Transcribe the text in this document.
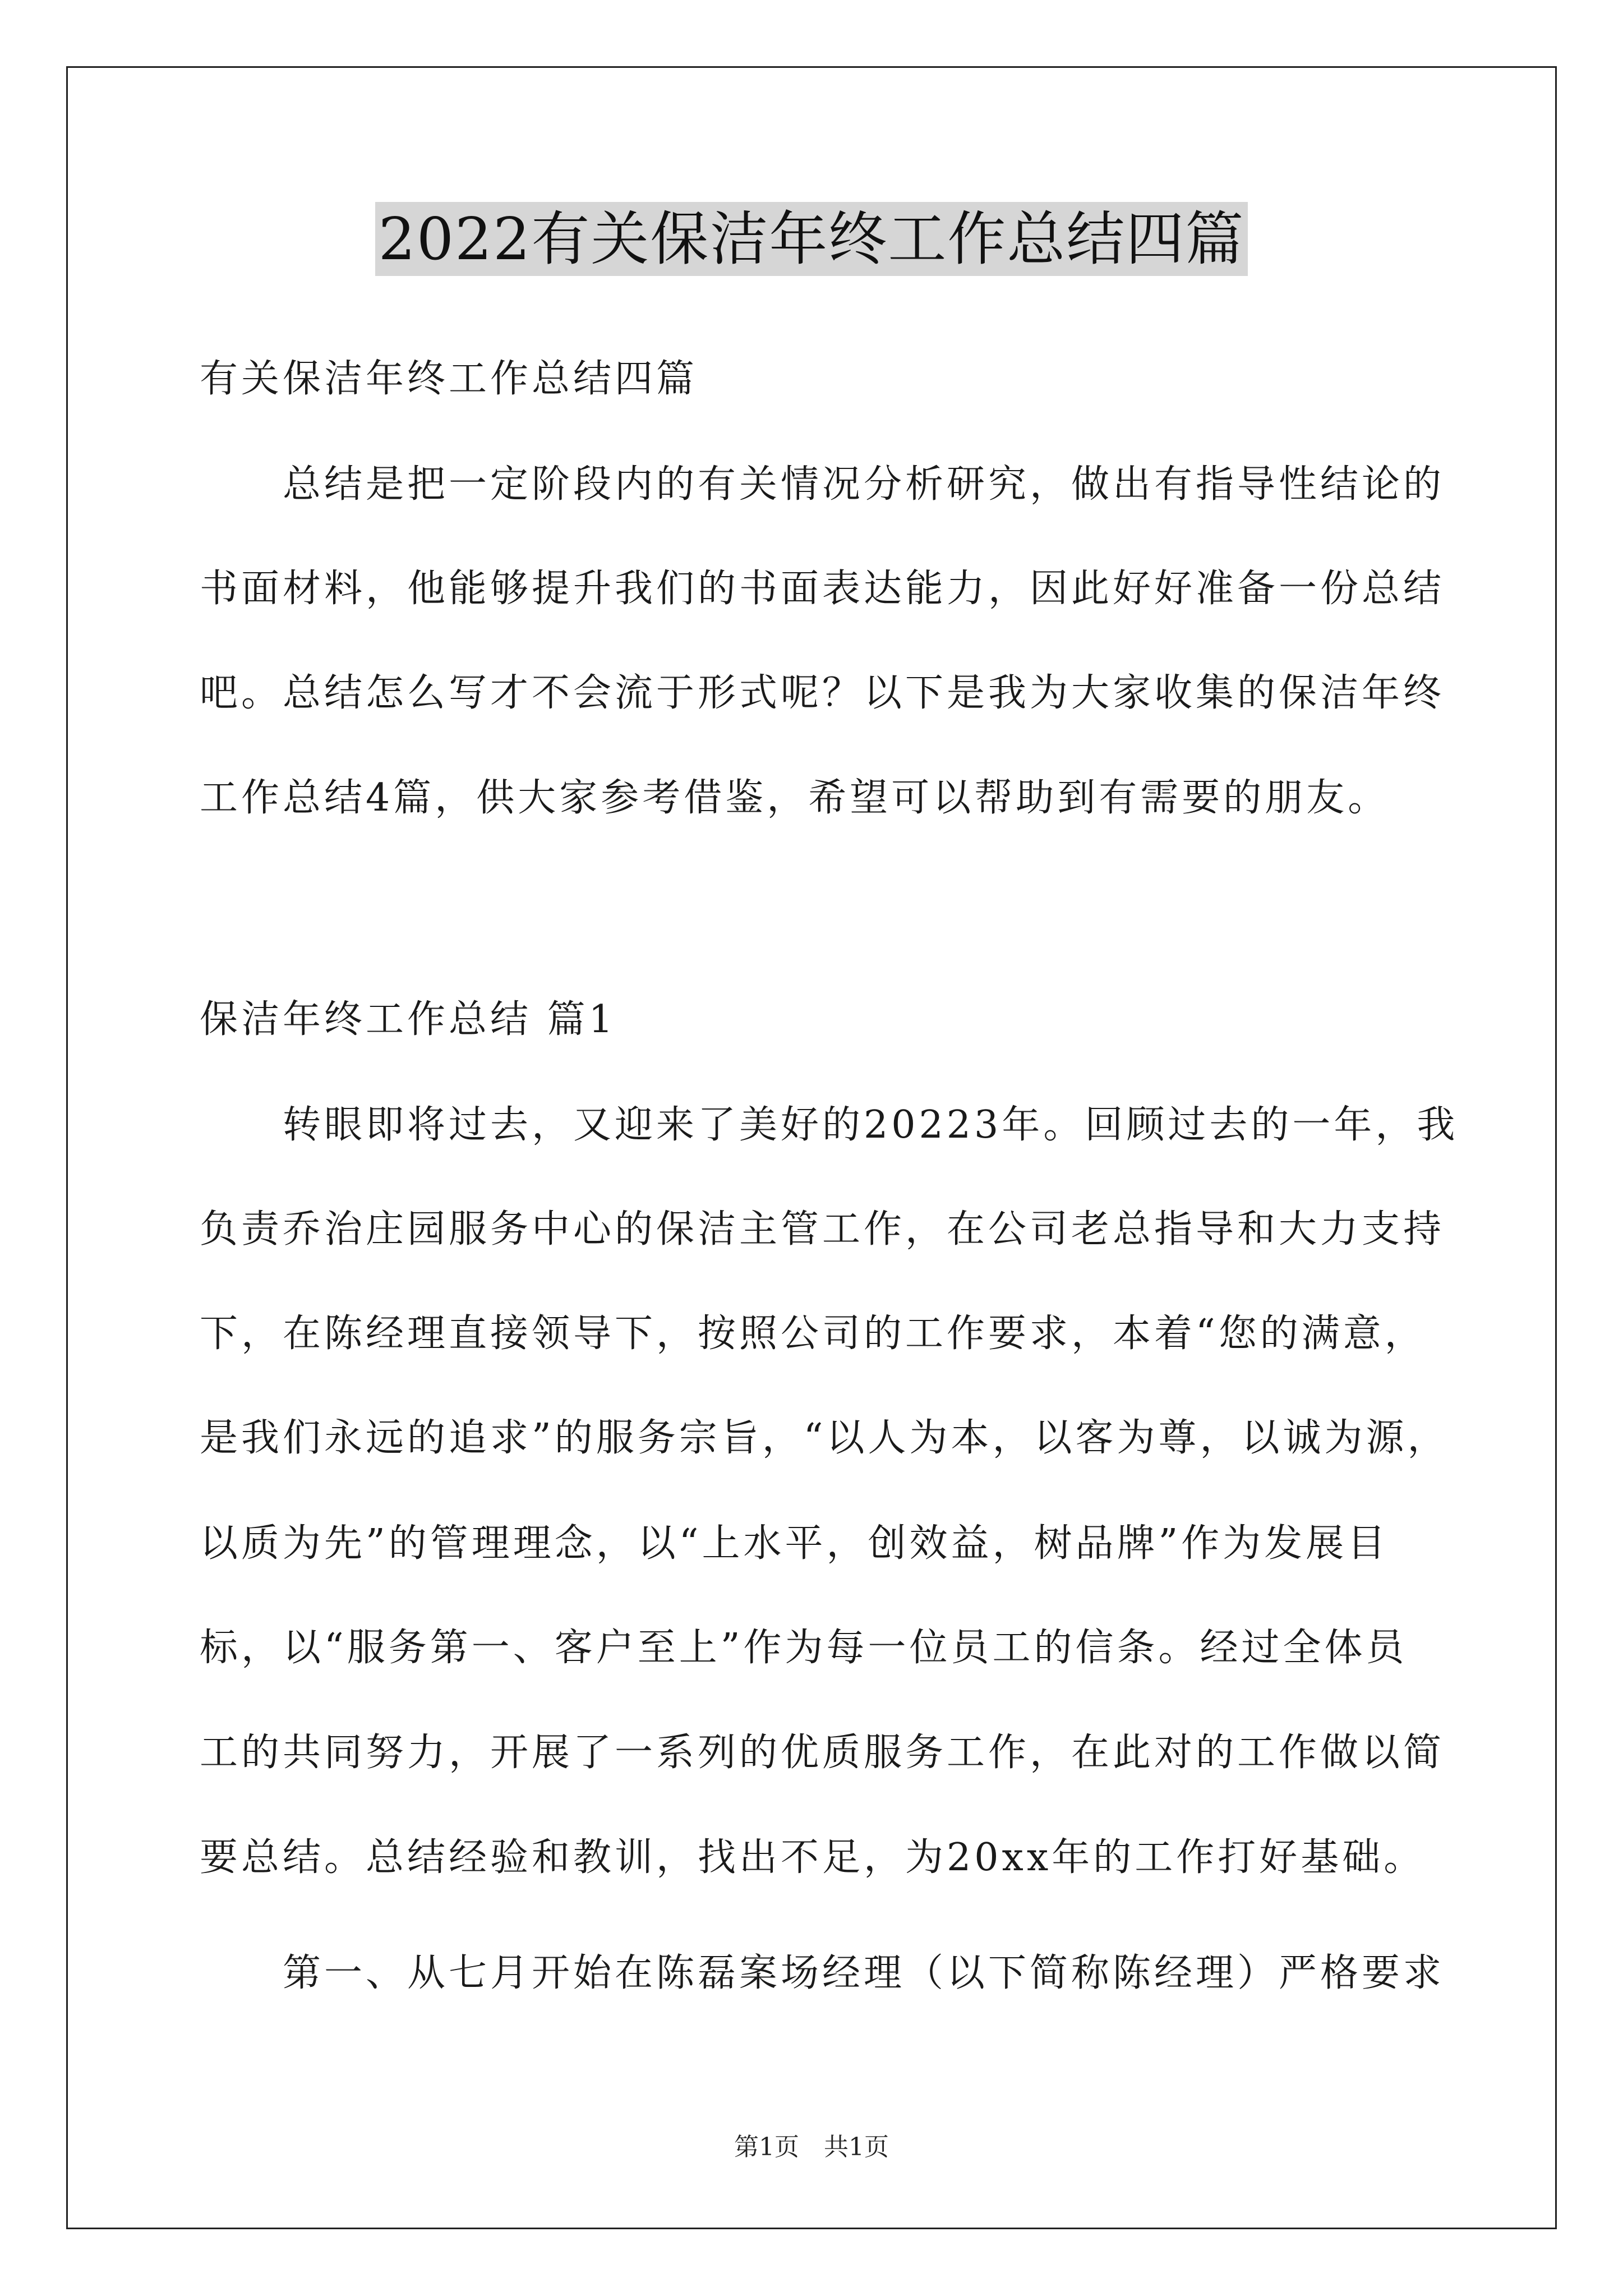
2022有关保洁年终工作总结四篇
有关保洁年终工作总结四篇
　　总结是把一定阶段内的有关情况分析研究，做出有指导性结论的
书面材料，他能够提升我们的书面表达能力，因此好好准备一份总结
吧。总结怎么写才不会流于形式呢？以下是我为大家收集的保洁年终
工作总结4篇，供大家参考借鉴，希望可以帮助到有需要的朋友。
保洁年终工作总结 篇1
　　转眼即将过去，又迎来了美好的20223年。回顾过去的一年，我
负责乔治庄园服务中心的保洁主管工作，在公司老总指导和大力支持
下，在陈经理直接领导下，按照公司的工作要求，本着“您的满意，
是我们永远的追求”的服务宗旨，“以人为本，以客为尊，以诚为源，
以质为先”的管理理念，以“上水平，创效益，树品牌”作为发展目
标，以“服务第一、客户至上”作为每一位员工的信条。经过全体员
工的共同努力，开展了一系列的优质服务工作，在此对的工作做以简
要总结。总结经验和教训，找出不足，为20xx年的工作打好基础。
　　第一、从七月开始在陈磊案场经理（以下简称陈经理）严格要求
第1页　共1页
